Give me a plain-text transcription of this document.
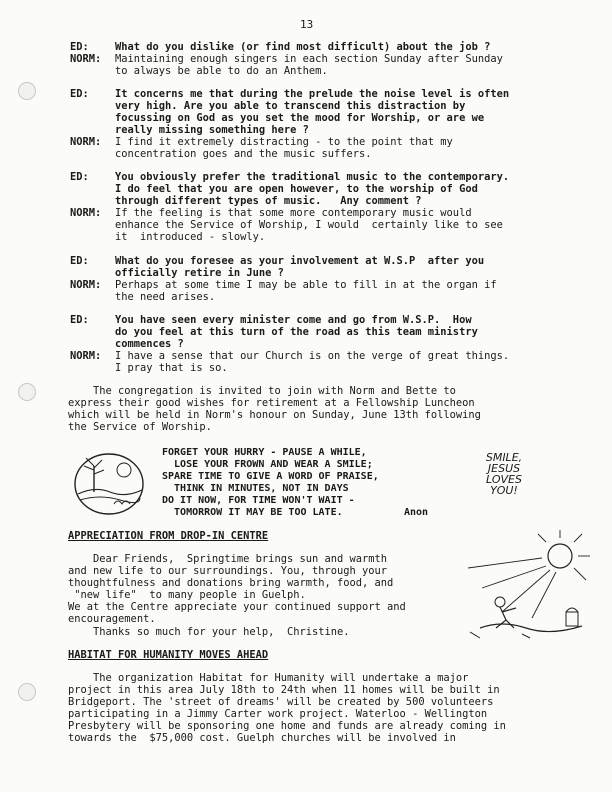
13
ED:	What do you dislike (or find most difficult) about the job ?
NORM: Maintaining enough singers in each section Sunday after Sunday
to always be able to do an Anthem.
ED:	It concerns me that during the prelude the noise level is often
very high. Are you able to transcend this distraction by
focussing on God as you set the mood for Worship, or are we
really missing something here ?
NORM: I find it extremely distracting - to the point that my
concentration goes and the music suffers.
ED:	You obviously prefer the traditional music to the contemporary.
I do feel that you are open however, to the worship of God
through different types of music.   Any comment ?
NORM: If the feeling is that some more contemporary music would
enhance the Service of Worship, I would  certainly like to see
it  introduced - slowly.
ED:	What do you foresee as your involvement at W.S.P  after you
officially retire in June ?
NORM: Perhaps at some time I may be able to fill in at the organ if
the need arises.
ED:	You have seen every minister come and go from W.S.P.  How
do you feel at this turn of the road as this team ministry
commences ?
NORM: I have a sense that our Church is on the verge of great things.
I pray that is so.
The congregation is invited to join with Norm and Bette to
express their good wishes for retirement at a Fellowship Luncheon
which will be held in Norm's honour on Sunday, June 13th following
the Service of Worship.
FORGET YOUR HURRY - PAUSE A WHILE,
LOSE YOUR FROWN AND WEAR A SMILE;
SPARE TIME TO GIVE A WORD OF PRAISE,
THINK IN MINUTES, NOT IN DAYS
DO IT NOW, FOR TIME WON'T WAIT -
TOMORROW IT MAY BE TOO LATE.	Anon
SMILE,
JESUS
LOVES
YOU!
APPRECIATION FROM DROP-IN CENTRE
Dear Friends,  Springtime brings sun and warmth
and new life to our surroundings. You, through your
thoughtfulness and donations bring warmth, food, and
"new life"  to many people in Guelph.
We at the Centre appreciate your continued support and
encouragement.
Thanks so much for your help,  Christine.
HABITAT FOR HUMANITY MOVES AHEAD
The organization Habitat for Humanity will undertake a major
project in this area July 18th to 24th when 11 homes will be built in
Bridgeport. The 'street of dreams' will be created by 500 volunteers
participating in a Jimmy Carter work project. Waterloo - Wellington
Presbytery will be sponsoring one home and funds are already coming in
towards the  $75,000 cost. Guelph churches will be involved in
